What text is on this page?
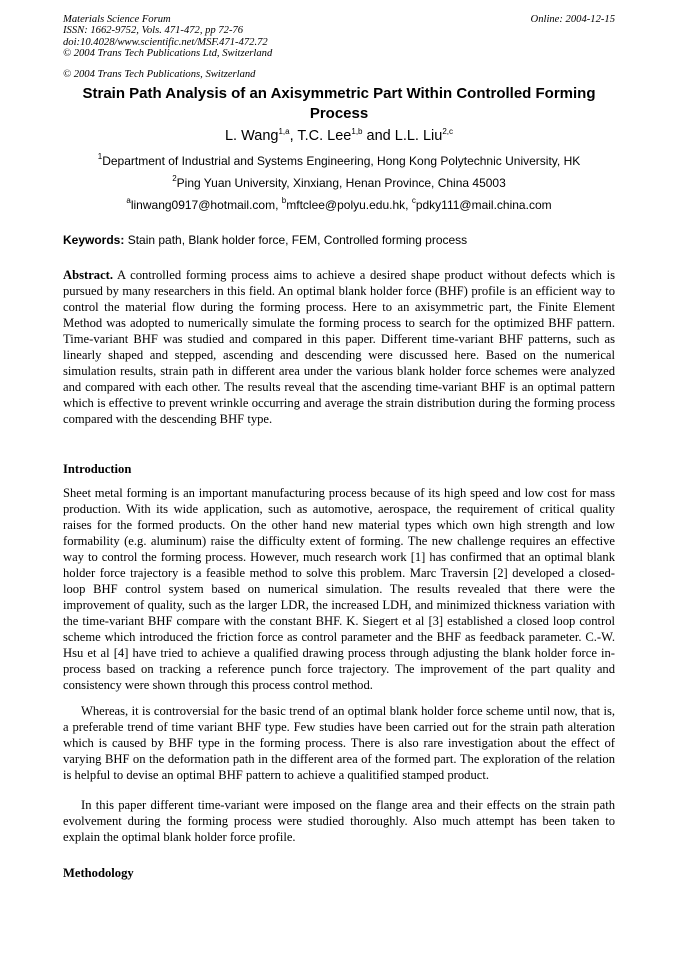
Materials Science Forum
ISSN: 1662-9752, Vols. 471-472, pp 72-76
doi:10.4028/www.scientific.net/MSF.471-472.72
© 2004 Trans Tech Publications Ltd, Switzerland
Online: 2004-12-15
© 2004 Trans Tech Publications, Switzerland
Strain Path Analysis of an Axisymmetric Part Within Controlled Forming Process
L. Wang$^{1,a}$, T.C. Lee$^{1,b}$ and L.L. Liu$^{2,c}$
$^1$Department of Industrial and Systems Engineering, Hong Kong Polytechnic University, HK
$^2$Ping Yuan University, Xinxiang, Henan Province, China 45003
$^a$linwang0917@hotmail.com, $^b$mftclee@polyu.edu.hk, $^c$pdky111@mail.china.com
Keywords: Stain path, Blank holder force, FEM, Controlled forming process

Abstract. A controlled forming process aims to achieve a desired shape product without defects which is pursued by many researchers in this field. An optimal blank holder force (BHF) profile is an efficient way to control the material flow during the forming process. Here to an axisymmetric part, the Finite Element Method was adopted to numerically simulate the forming process to search for the optimized BHF pattern. Time-variant BHF was studied and compared in this paper. Different time-variant BHF patterns, such as linearly shaped and stepped, ascending and descending were discussed here. Based on the numerical simulation results, strain path in different area under the various blank holder force schemes were analyzed and compared with each other. The results reveal that the ascending time-variant BHF is an optimal pattern which is effective to prevent wrinkle occurring and average the strain distribution during the forming process compared with the descending BHF type.

Introduction

Sheet metal forming is an important manufacturing process because of its high speed and low cost for mass production. With its wide application, such as automotive, aerospace, the requirement of critical quality raises for the formed products. On the other hand new material types which own high strength and low formability (e.g. aluminum) raise the difficulty extent of forming. The new challenge requires an effective way to control the forming process. However, much research work [1] has confirmed that an optimal blank holder force trajectory is a feasible method to solve this problem. Marc Traversin [2] developed a closed-loop BHF control system based on numerical simulation. The results revealed that there were the improvement of quality, such as the larger LDR, the increased LDH, and minimized thickness variation with the time-variant BHF compare with the constant BHF. K. Siegert et al [3] established a closed loop control scheme which introduced the friction force as control parameter and the BHF as feedback parameter. C.-W. Hsu et al [4] have tried to achieve a qualified drawing process through adjusting the blank holder force in-process based on tracking a reference punch force trajectory. The improvement of the part quality and consistency were shown through this process control method.

Whereas, it is controversial for the basic trend of an optimal blank holder force scheme until now, that is, a preferable trend of time variant BHF type. Few studies have been carried out for the strain path alteration which is caused by BHF type in the forming process. There is also rare investigation about the effect of varying BHF on the deformation path in the different area of the formed part. The exploration of the relation is helpful to devise an optimal BHF pattern to achieve a qualitified stamped product.

In this paper different time-variant were imposed on the flange area and their effects on the strain path evolvement during the forming process were studied thoroughly. Also much attempt has been taken to explain the optimal blank holder force profile.

Methodology
